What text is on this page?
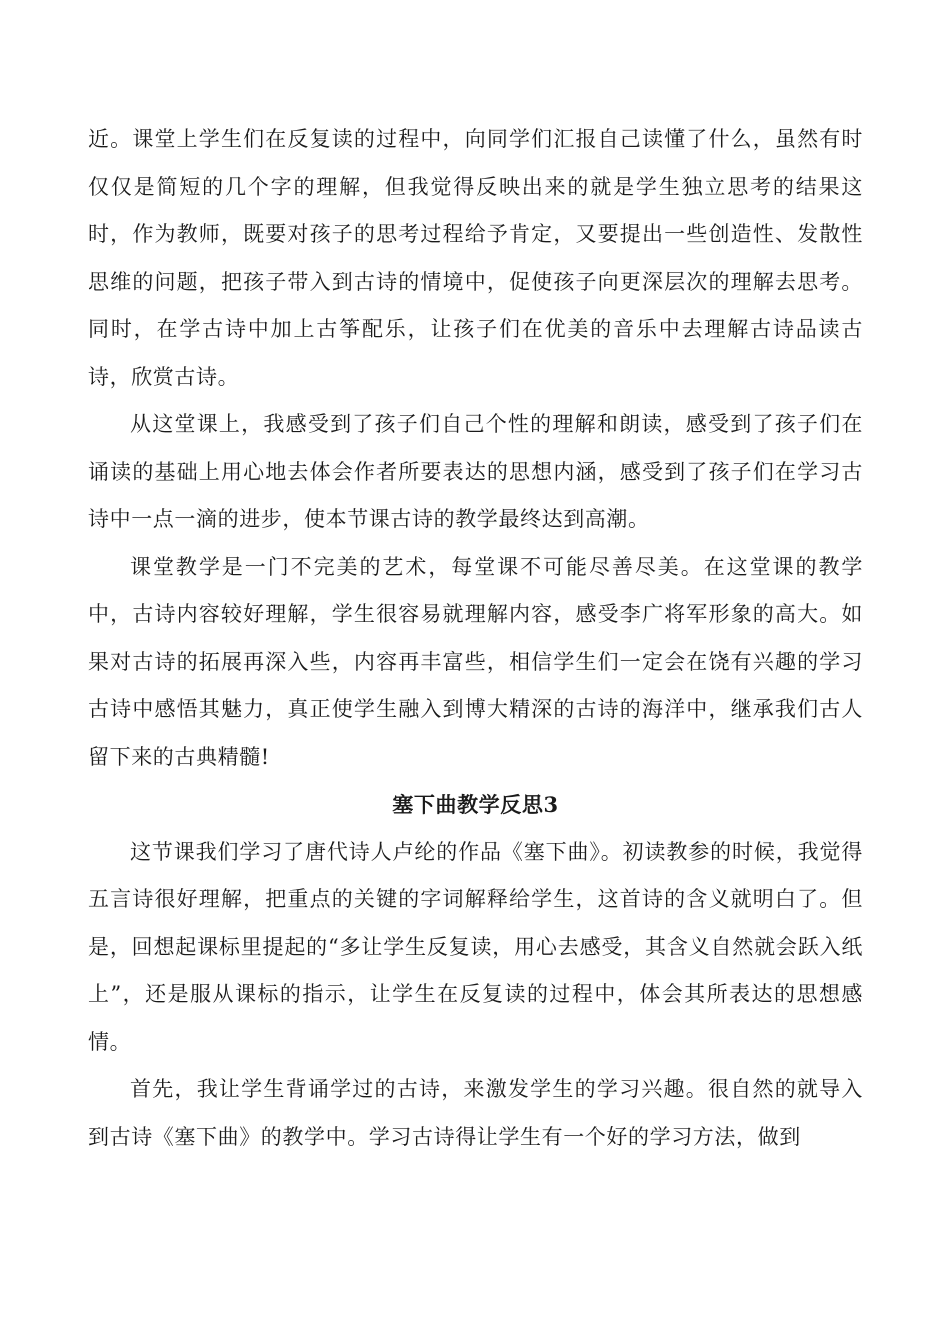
近。课堂上学生们在反复读的过程中，向同学们汇报自己读懂了什么，虽然有时仅仅是简短的几个字的理解，但我觉得反映出来的就是学生独立思考的结果这时，作为教师，既要对孩子的思考过程给予肯定，又要提出一些创造性、发散性思维的问题，把孩子带入到古诗的情境中，促使孩子向更深层次的理解去思考。同时，在学古诗中加上古筝配乐，让孩子们在优美的音乐中去理解古诗品读古诗，欣赏古诗。

从这堂课上，我感受到了孩子们自己个性的理解和朗读，感受到了孩子们在诵读的基础上用心地去体会作者所要表达的思想内涵，感受到了孩子们在学习古诗中一点一滴的进步，使本节课古诗的教学最终达到高潮。

课堂教学是一门不完美的艺术，每堂课不可能尽善尽美。在这堂课的教学中，古诗内容较好理解，学生很容易就理解内容，感受李广将军形象的高大。如果对古诗的拓展再深入些，内容再丰富些，相信学生们一定会在饶有兴趣的学习古诗中感悟其魅力，真正使学生融入到博大精深的古诗的海洋中，继承我们古人留下来的古典精髓!

塞下曲教学反思3

这节课我们学习了唐代诗人卢纶的作品《塞下曲》。初读教参的时候，我觉得五言诗很好理解，把重点的关键的字词解释给学生，这首诗的含义就明白了。但是，回想起课标里提起的“多让学生反复读，用心去感受，其含义自然就会跃入纸上”，还是服从课标的指示，让学生在反复读的过程中，体会其所表达的思想感情。

首先，我让学生背诵学过的古诗，来激发学生的学习兴趣。很自然的就导入到古诗《塞下曲》的教学中。学习古诗得让学生有一个好的学习方法，做到
